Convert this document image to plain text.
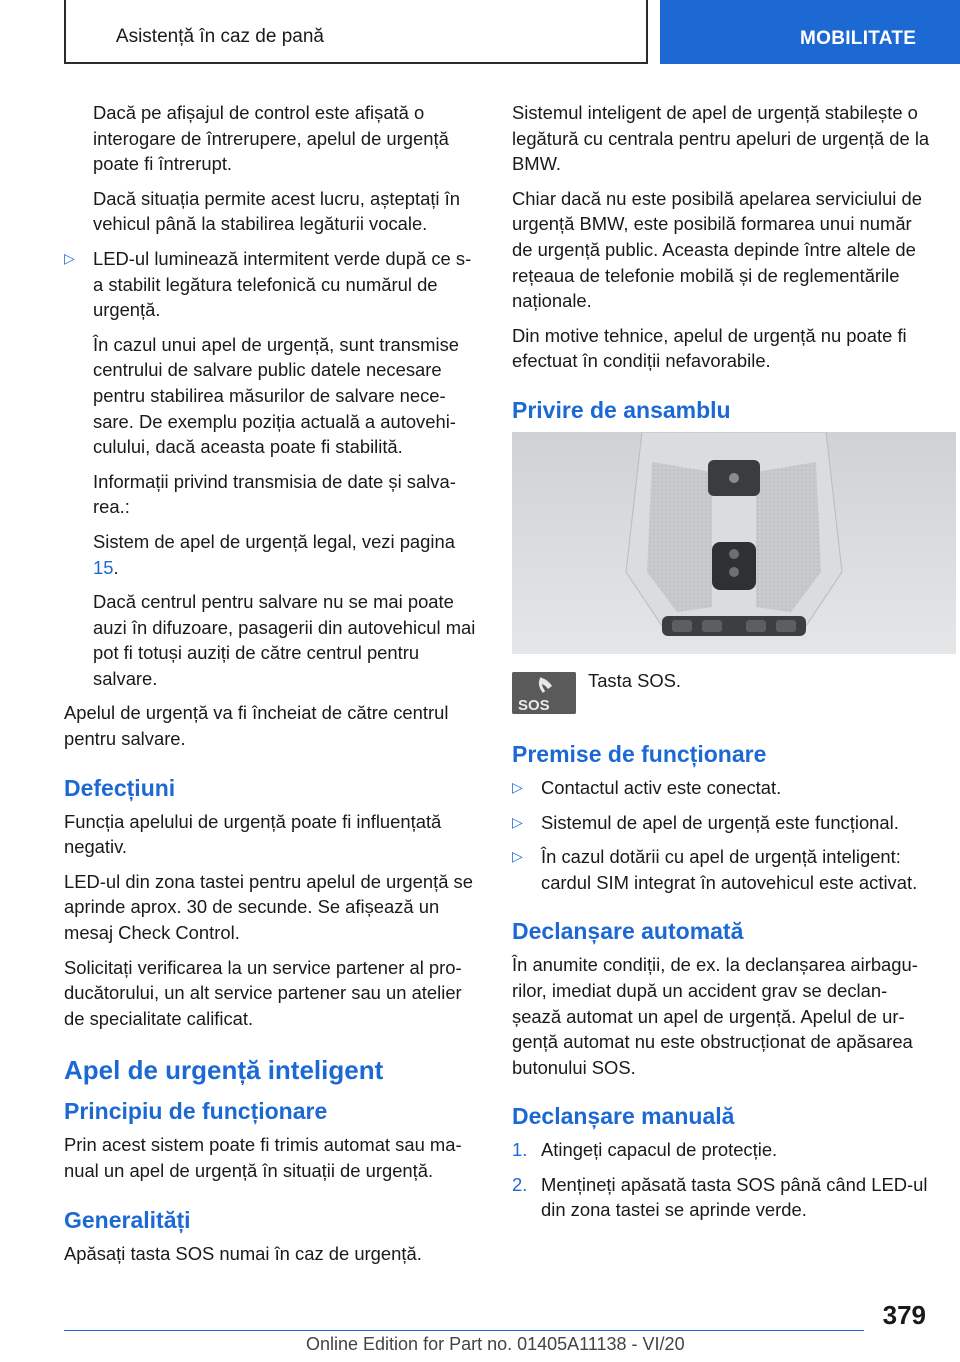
Asistență în caz de pană	MOBILITATE

Dacă pe afișajul de control este afișată o interogare de întrerupere, apelul de urgență poate fi întrerupt.

Dacă situația permite acest lucru, așteptați în vehicul până la stabilirea legăturii vocale.

▷ LED-ul luminează intermitent verde după ce s-a stabilit legătura telefonică cu numărul de urgență.

În cazul unui apel de urgență, sunt transmise centrului de salvare public datele necesare pentru stabilirea măsurilor de salvare necesare. De exemplu poziția actuală a autovehiculului, dacă aceasta poate fi stabilită.

Informații privind transmisia de date și salvarea.:

Sistem de apel de urgență legal, vezi pagina 15.

Dacă centrul pentru salvare nu se mai poate auzi în difuzoare, pasagerii din autovehicul mai pot fi totuși auziți de către centrul pentru salvare.

Apelul de urgență va fi încheiat de către centrul pentru salvare.

Defecțiuni

Funcția apelului de urgență poate fi influențată negativ.

LED-ul din zona tastei pentru apelul de urgență se aprinde aprox. 30 de secunde. Se afișează un mesaj Check Control.

Solicitați verificarea la un service partener al producătorului, un alt service partener sau un atelier de specialitate calificat.

Apel de urgență inteligent
Principiu de funcționare

Prin acest sistem poate fi trimis automat sau manual un apel de urgență în situații de urgență.

Generalități

Apăsați tasta SOS numai în caz de urgență.

Sistemul inteligent de apel de urgență stabilește o legătură cu centrala pentru apeluri de urgență de la BMW.

Chiar dacă nu este posibilă apelarea serviciului de urgență BMW, este posibilă formarea unui număr de urgență public. Aceasta depinde între altele de rețeaua de telefonie mobilă și de reglementările naționale.

Din motive tehnice, apelul de urgență nu poate fi efectuat în condiții nefavorabile.

Privire de ansamblu
SOS
Tasta SOS.
Premise de funcționare
▷ Contactul activ este conectat.
▷ Sistemul de apel de urgență este funcțional.
▷ În cazul dotării cu apel de urgență inteligent: cardul SIM integrat în autovehicul este activat.
Declanșare automată

În anumite condiții, de ex. la declanșarea airbagurilor, imediat după un accident grav se declanșează automat un apel de urgență. Apelul de urgență automat nu este obstrucționat de apăsarea butonului SOS.

Declanșare manuală
1. Atingeți capacul de protecție.
2. Mențineți apăsată tasta SOS până când LED-ul din zona tastei se aprinde verde.
379
Online Edition for Part no. 01405A11138 - VI/20
